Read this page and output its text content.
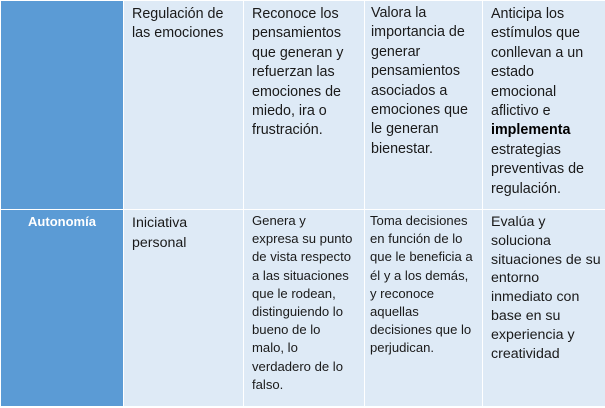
	Regulación de las emociones	Reconoce los pensamientos que generan y refuerzan las emociones de miedo, ira o frustración.	Valora la importancia de generar pensamientos asociados a emociones que le generan bienestar.	Anticipa los estímulos que conllevan a un estado emocional aflictivo e implementa estrategias preventivas de regulación.

Autonomía	Iniciativa personal	Genera y expresa su punto de vista respecto a las situaciones que le rodean, distinguiendo lo bueno de lo malo, lo verdadero de lo falso.	Toma decisiones en función de lo que le beneficia a él y a los demás, y reconoce aquellas decisiones que lo perjudican.	Evalúa y soluciona situaciones de su entorno inmediato con base en su experiencia y creatividad
